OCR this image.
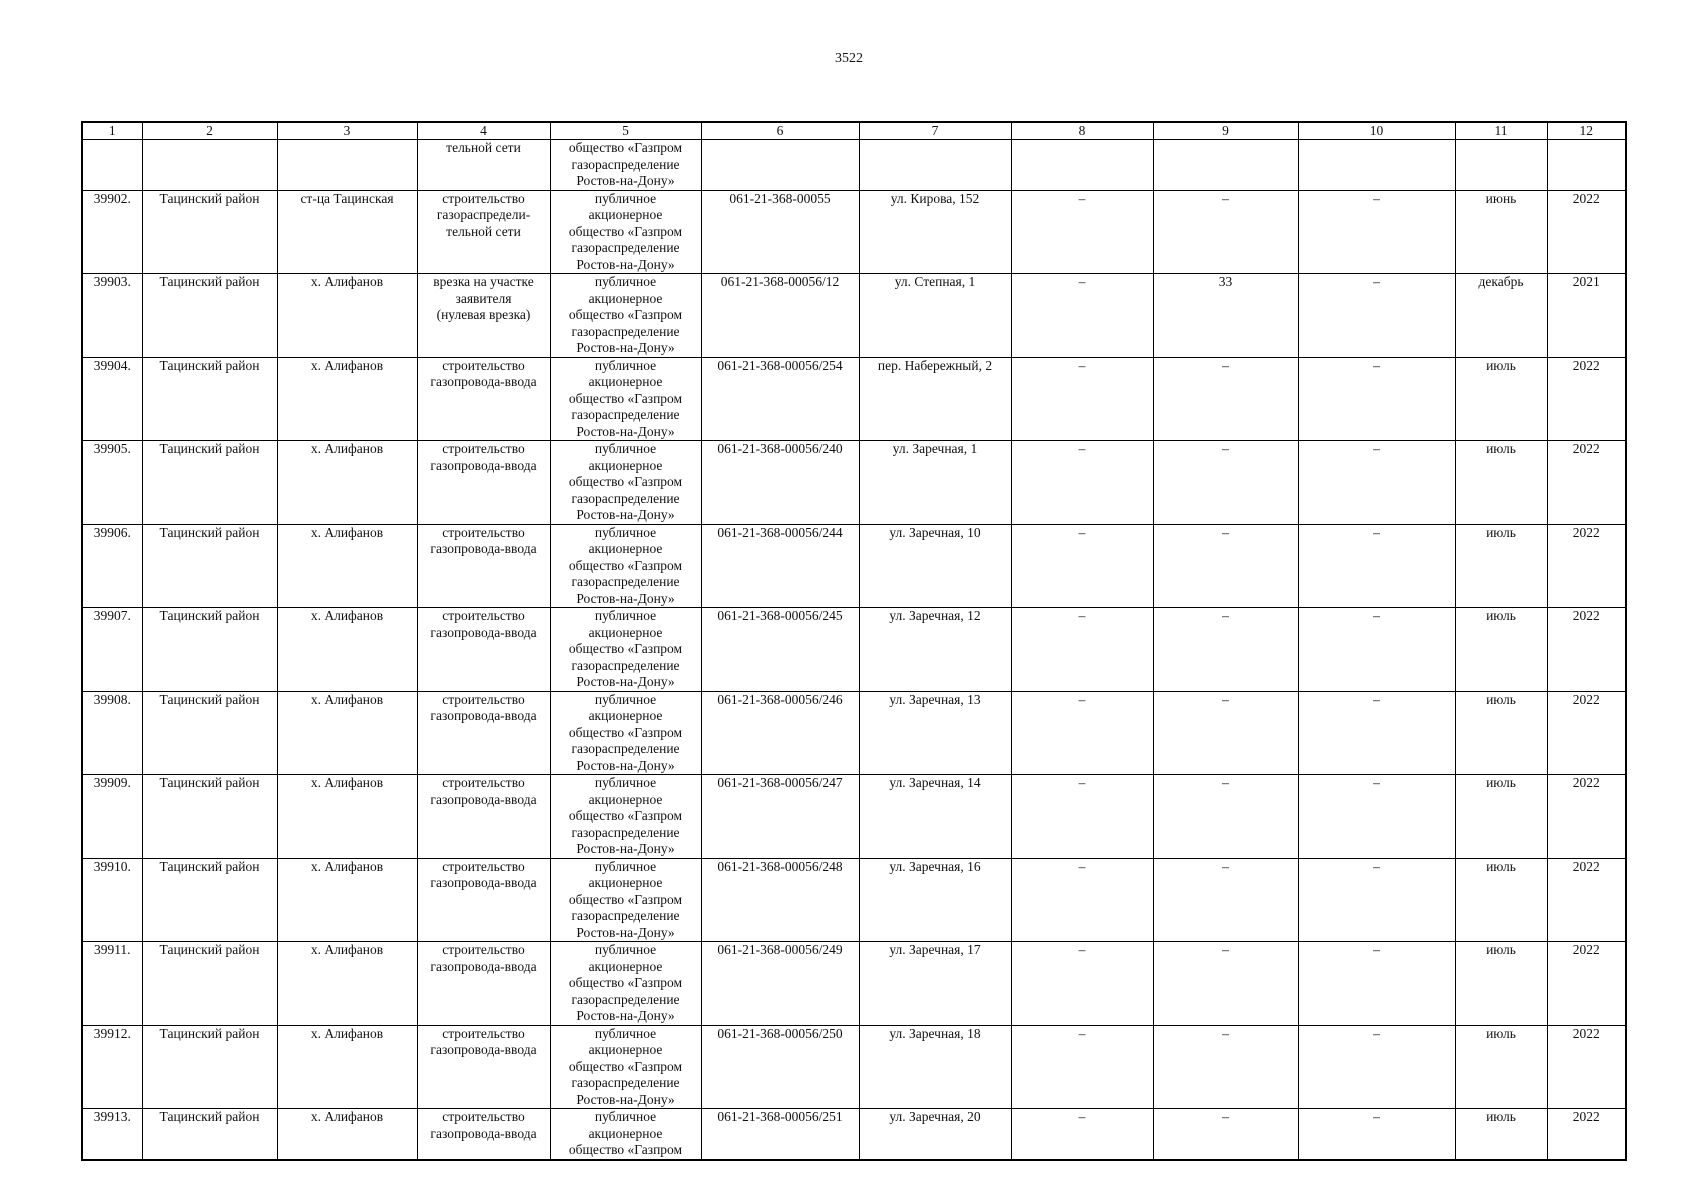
3522
1	2	3	4	5	6	7	8	9	10	11	12
			тельной сети	общество «Газпром
газораспределение
Ростов-на-Дону»							
39902.	Тацинский район	ст-ца Тацинская	строительство
газораспредели-
тельной сети	публичное
акционерное
общество «Газпром
газораспределение
Ростов-на-Дону»	061-21-368-00055	ул. Кирова, 152	–	–	–	июнь	2022
39903.	Тацинский район	х. Алифанов	врезка на участке
заявителя
(нулевая врезка)	публичное
акционерное
общество «Газпром
газораспределение
Ростов-на-Дону»	061-21-368-00056/12	ул. Степная, 1	–	33	–	декабрь	2021
39904.	Тацинский район	х. Алифанов	строительство
газопровода-ввода	публичное
акционерное
общество «Газпром
газораспределение
Ростов-на-Дону»	061-21-368-00056/254	пер. Набережный, 2	–	–	–	июль	2022
39905.	Тацинский район	х. Алифанов	строительство
газопровода-ввода	публичное
акционерное
общество «Газпром
газораспределение
Ростов-на-Дону»	061-21-368-00056/240	ул. Заречная, 1	–	–	–	июль	2022
39906.	Тацинский район	х. Алифанов	строительство
газопровода-ввода	публичное
акционерное
общество «Газпром
газораспределение
Ростов-на-Дону»	061-21-368-00056/244	ул. Заречная, 10	–	–	–	июль	2022
39907.	Тацинский район	х. Алифанов	строительство
газопровода-ввода	публичное
акционерное
общество «Газпром
газораспределение
Ростов-на-Дону»	061-21-368-00056/245	ул. Заречная, 12	–	–	–	июль	2022
39908.	Тацинский район	х. Алифанов	строительство
газопровода-ввода	публичное
акционерное
общество «Газпром
газораспределение
Ростов-на-Дону»	061-21-368-00056/246	ул. Заречная, 13	–	–	–	июль	2022
39909.	Тацинский район	х. Алифанов	строительство
газопровода-ввода	публичное
акционерное
общество «Газпром
газораспределение
Ростов-на-Дону»	061-21-368-00056/247	ул. Заречная, 14	–	–	–	июль	2022
39910.	Тацинский район	х. Алифанов	строительство
газопровода-ввода	публичное
акционерное
общество «Газпром
газораспределение
Ростов-на-Дону»	061-21-368-00056/248	ул. Заречная, 16	–	–	–	июль	2022
39911.	Тацинский район	х. Алифанов	строительство
газопровода-ввода	публичное
акционерное
общество «Газпром
газораспределение
Ростов-на-Дону»	061-21-368-00056/249	ул. Заречная, 17	–	–	–	июль	2022
39912.	Тацинский район	х. Алифанов	строительство
газопровода-ввода	публичное
акционерное
общество «Газпром
газораспределение
Ростов-на-Дону»	061-21-368-00056/250	ул. Заречная, 18	–	–	–	июль	2022
39913.	Тацинский район	х. Алифанов	строительство
газопровода-ввода	публичное
акционерное
общество «Газпром	061-21-368-00056/251	ул. Заречная, 20	–	–	–	июль	2022
